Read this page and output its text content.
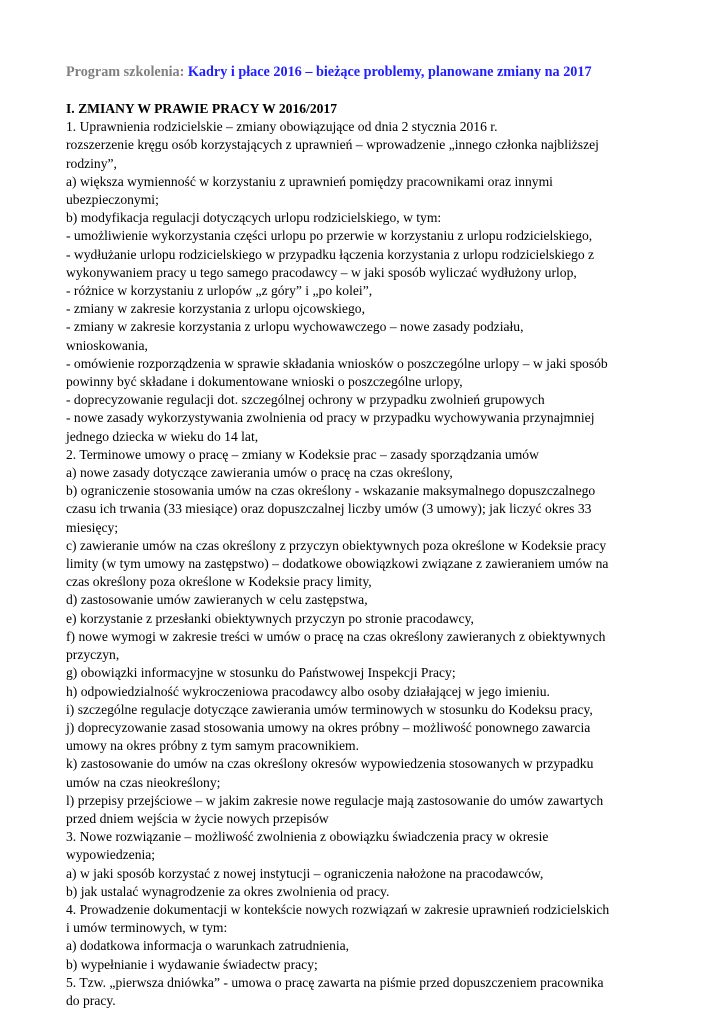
Program szkolenia: Kadry i płace 2016 – bieżące problemy, planowane zmiany na 2017
I. ZMIANY W PRAWIE PRACY W 2016/2017
1. Uprawnienia rodzicielskie – zmiany obowiązujące od dnia 2 stycznia 2016 r.
rozszerzenie kręgu osób korzystających z uprawnień – wprowadzenie „innego członka najbliższej
rodziny”,
a) większa wymienność w korzystaniu z uprawnień pomiędzy pracownikami oraz innymi
ubezpieczonymi;
b) modyfikacja regulacji dotyczących urlopu rodzicielskiego, w tym:
- umożliwienie wykorzystania części urlopu po przerwie w korzystaniu z urlopu rodzicielskiego,
- wydłużanie urlopu rodzicielskiego w przypadku łączenia korzystania z urlopu rodzicielskiego z
wykonywaniem pracy u tego samego pracodawcy – w jaki sposób wyliczać wydłużony urlop,
- różnice w korzystaniu z urlopów „z góry” i „po kolei”,
- zmiany w zakresie korzystania z urlopu ojcowskiego,
- zmiany w zakresie korzystania z urlopu wychowawczego – nowe zasady podziału,
wnioskowania,
- omówienie rozporządzenia w sprawie składania wniosków o poszczególne urlopy – w jaki sposób
powinny być składane i dokumentowane wnioski o poszczególne urlopy,
- doprecyzowanie regulacji dot. szczególnej ochrony w przypadku zwolnień grupowych
- nowe zasady wykorzystywania zwolnienia od pracy w przypadku wychowywania przynajmniej
jednego dziecka w wieku do 14 lat,
2. Terminowe umowy o pracę – zmiany w Kodeksie prac – zasady sporządzania umów
a) nowe zasady dotyczące zawierania umów o pracę na czas określony,
b) ograniczenie stosowania umów na czas określony - wskazanie maksymalnego dopuszczalnego
czasu ich trwania (33 miesiące) oraz dopuszczalnej liczby umów (3 umowy); jak liczyć okres 33
miesięcy;
c) zawieranie umów na czas określony z przyczyn obiektywnych poza określone w Kodeksie pracy
limity (w tym umowy na zastępstwo) – dodatkowe obowiązkowi związane z zawieraniem umów na
czas określony poza określone w Kodeksie pracy limity,
d) zastosowanie umów zawieranych w celu zastępstwa,
e) korzystanie z przesłanki obiektywnych przyczyn po stronie pracodawcy,
f) nowe wymogi w zakresie treści w umów o pracę na czas określony zawieranych z obiektywnych
przyczyn,
g) obowiązki informacyjne w stosunku do Państwowej Inspekcji Pracy;
h) odpowiedzialność wykroczeniowa pracodawcy albo osoby działającej w jego imieniu.
i) szczególne regulacje dotyczące zawierania umów terminowych w stosunku do Kodeksu pracy,
j) doprecyzowanie zasad stosowania umowy na okres próbny – możliwość ponownego zawarcia
umowy na okres próbny z tym samym pracownikiem.
k) zastosowanie do umów na czas określony okresów wypowiedzenia stosowanych w przypadku
umów na czas nieokreślony;
l) przepisy przejściowe – w jakim zakresie nowe regulacje mają zastosowanie do umów zawartych
przed dniem wejścia w życie nowych przepisów
3. Nowe rozwiązanie – możliwość zwolnienia z obowiązku świadczenia pracy w okresie
wypowiedzenia;
a) w jaki sposób korzystać z nowej instytucji – ograniczenia nałożone na pracodawców,
b) jak ustalać wynagrodzenie za okres zwolnienia od pracy.
4. Prowadzenie dokumentacji w kontekście nowych rozwiązań w zakresie uprawnień rodzicielskich
i umów terminowych, w tym:
a) dodatkowa informacja o warunkach zatrudnienia,
b) wypełnianie i wydawanie świadectw pracy;
5. Tzw. „pierwsza dniówka” - umowa o pracę zawarta na piśmie przed dopuszczeniem pracownika
do pracy.
